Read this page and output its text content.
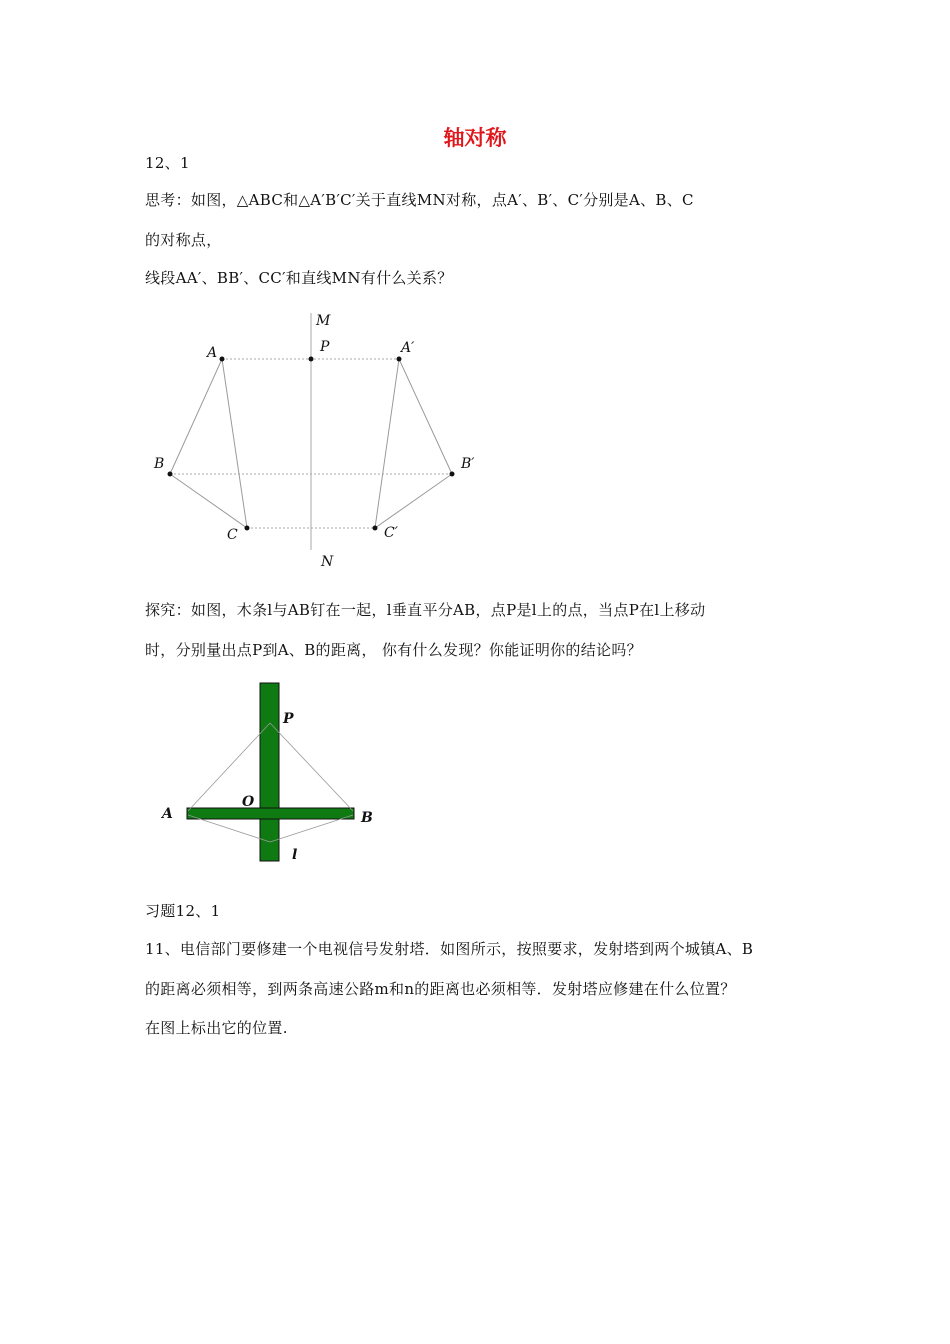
轴对称
12、1
思考：如图，△ABC和△A′B′C′关于直线MN对称，点A′、B′、C′分别是A、B、C
的对称点，
线段AA′、BB′、CC′和直线MN有什么关系？
M
P
A	A′
B	B′
C	C′
N
P
O
A	B
l
探究：如图，木条l与AB钉在一起，l垂直平分AB，点P是l上的点，当点P在l上移动
时，分别量出点P到A、B的距离， 你有什么发现？你能证明你的结论吗？
习题12、1
11、电信部门要修建一个电视信号发射塔．如图所示，按照要求，发射塔到两个城镇A、B
的距离必须相等，到两条高速公路m和n的距离也必须相等．发射塔应修建在什么位置？
在图上标出它的位置.
